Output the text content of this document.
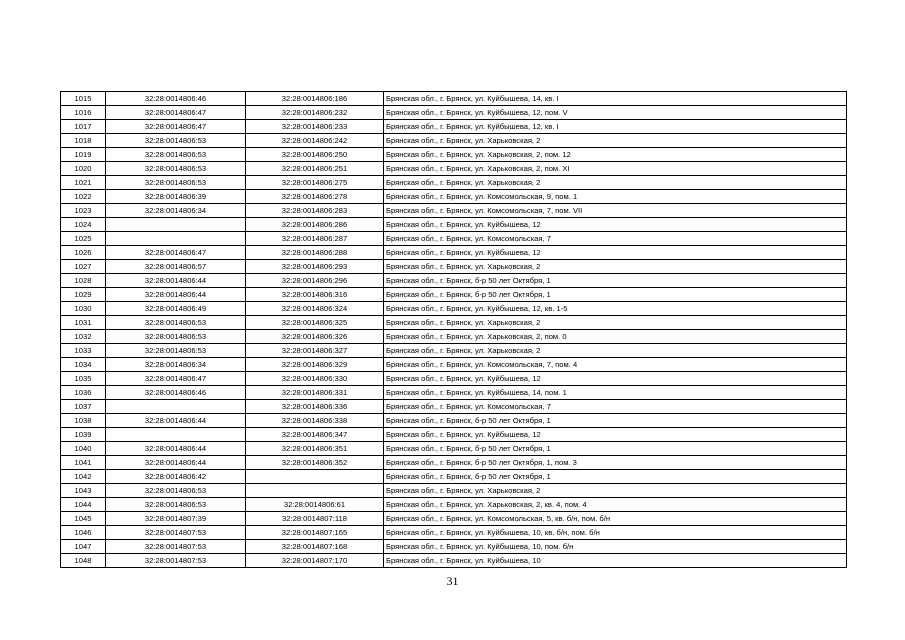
1015	32:28:0014806:46	32:28:0014806:186	Брянская обл., г. Брянск, ул. Куйбышева, 14, кв. I
1016	32:28:0014806:47	32:28:0014806:232	Брянская обл., г. Брянск, ул. Куйбышева, 12, пом. V
1017	32:28:0014806:47	32:28:0014806:233	Брянская обл., г. Брянск, ул. Куйбышева, 12, кв. I
1018	32:28:0014806:53	32:28:0014806:242	Брянская обл., г. Брянск, ул. Харьковская, 2
1019	32:28:0014806:53	32:28:0014806:250	Брянская обл., г. Брянск, ул. Харьковская, 2, пом. 12
1020	32:28:0014806:53	32:28:0014806:251	Брянская обл., г. Брянск, ул. Харьковская, 2, пом. XI
1021	32:28:0014806:53	32:28:0014806:275	Брянская обл., г. Брянск, ул. Харьковская, 2
1022	32:28:0014806:39	32:28:0014806:278	Брянская обл., г. Брянск, ул. Комсомольская, 9, пом. 1
1023	32:28:0014806:34	32:28:0014806:283	Брянская обл., г. Брянск, ул. Комсомольская, 7, пом. VII
1024		32:28:0014806:286	Брянская обл., г. Брянск, ул. Куйбышева, 12
1025		32:28:0014806:287	Брянская обл., г. Брянск, ул. Комсомольская, 7
1026	32:28:0014806:47	32:28:0014806:288	Брянская обл., г. Брянск, ул. Куйбышева, 12
1027	32:28:0014806:57	32:28:0014806:293	Брянская обл., г. Брянск, ул. Харьковская, 2
1028	32:28:0014806:44	32:28:0014806:296	Брянская обл., г. Брянск, б-р 50 лет Октября, 1
1029	32:28:0014806:44	32:28:0014806:316	Брянская обл., г. Брянск, б-р 50 лет Октября, 1
1030	32:28:0014806:49	32:28:0014806:324	Брянская обл., г. Брянск, ул. Куйбышева, 12, кв. 1-5
1031	32:28:0014806:53	32:28:0014806:325	Брянская обл., г. Брянск, ул. Харьковская, 2
1032	32:28:0014806:53	32:28:0014806:326	Брянская обл., г. Брянск, ул. Харьковская, 2, пом. 0
1033	32:28:0014806:53	32:28:0014806:327	Брянская обл., г. Брянск, ул. Харьковская, 2
1034	32:28:0014806:34	32:28:0014806:329	Брянская обл., г. Брянск, ул. Комсомольская, 7, пом. 4
1035	32:28:0014806:47	32:28:0014806:330	Брянская обл., г. Брянск, ул. Куйбышева, 12
1036	32:28:0014806:46	32:28:0014806:331	Брянская обл., г. Брянск, ул. Куйбышева, 14, пом. 1
1037		32:28:0014806:336	Брянская обл., г. Брянск, ул. Комсомольская, 7
1038	32:28:0014806:44	32:28:0014806:338	Брянская обл., г. Брянск, б-р 50 лет Октября, 1
1039		32:28:0014806:347	Брянская обл., г. Брянск, ул. Куйбышева, 12
1040	32:28:0014806:44	32:28:0014806:351	Брянская обл., г. Брянск, б-р 50 лет Октября, 1
1041	32:28:0014806:44	32:28:0014806:352	Брянская обл., г. Брянск, б-р 50 лет Октября, 1, пом. 3
1042	32:28:0014806:42		Брянская обл., г. Брянск, б-р 50 лет Октября, 1
1043	32:28:0014806:53		Брянская обл., г. Брянск, ул. Харьковская, 2
1044	32:28:0014806:53	32:28:0014806:61	Брянская обл., г. Брянск, ул. Харьковская, 2, кв. 4, пом. 4
1045	32:28:0014807:39	32:28:0014807:118	Брянская обл., г. Брянск, ул. Комсомольская, 5, кв. б/н, пом. б/н
1046	32:28:0014807:53	32:28:0014807:165	Брянская обл., г. Брянск, ул. Куйбышева, 10, кв. б/н, пом. б/н
1047	32:28:0014807:53	32:28:0014807:168	Брянская обл., г. Брянск, ул. Куйбышева, 10, пом. б/н
1048	32:28:0014807:53	32:28:0014807:170	Брянская обл., г. Брянск, ул. Куйбышева, 10
31
